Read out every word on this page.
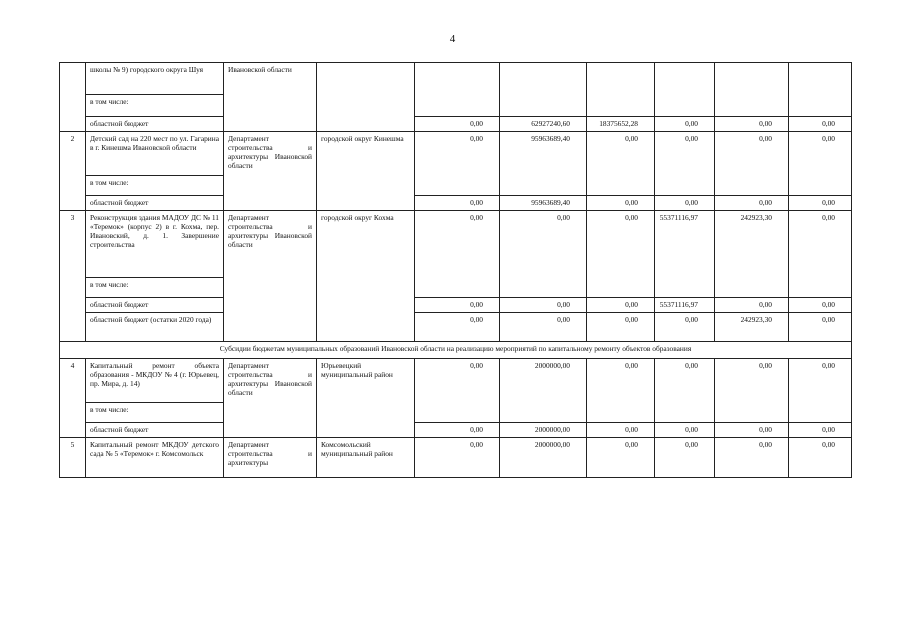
4
	школы № 9) городского округа Шуя	Ивановской области							
	в том числе:								
	областной бюджет			0,00	62927240,60	18375652,28	0,00	0,00	0,00
2	Детский сад на 220 мест по ул. Гагарина в г. Кинешма Ивановской области	Департамент строительства и архитектуры Ивановской области	городской округ Кинешма	0,00	95963689,40	0,00	0,00	0,00	0,00
	в том числе:								
	областной бюджет			0,00	95963689,40	0,00	0,00	0,00	0,00
3	Реконструкция здания МАДОУ ДС № 11 «Теремок» (корпус 2) в г. Кохма, пер. Ивановский, д. 1. Завершение строительства	Департамент строительства и архитектуры Ивановской области	городской округ Кохма	0,00	0,00	0,00	55371116,97	242923,30	0,00
	в том числе:								
	областной бюджет			0,00	0,00	0,00	55371116,97	0,00	0,00
	областной бюджет (остатки 2020 года)			0,00	0,00	0,00	0,00	242923,30	0,00
Субсидии бюджетам муниципальных образований Ивановской области на реализацию мероприятий по капитальному ремонту объектов образования									
4	Капитальный ремонт объекта образования - МКДОУ № 4 (г. Юрьевец, пр. Мира, д. 14)	Департамент строительства и архитектуры Ивановской области	Юрьевецкий муниципальный район	0,00	2000000,00	0,00	0,00	0,00	0,00
	в том числе:								
	областной бюджет			0,00	2000000,00	0,00	0,00	0,00	0,00
5	Капитальный ремонт МКДОУ детского сада № 5 «Теремок» г. Комсомольск	Департамент строительства и архитектуры	Комсомольский муниципальный район	0,00	2000000,00	0,00	0,00	0,00	0,00
